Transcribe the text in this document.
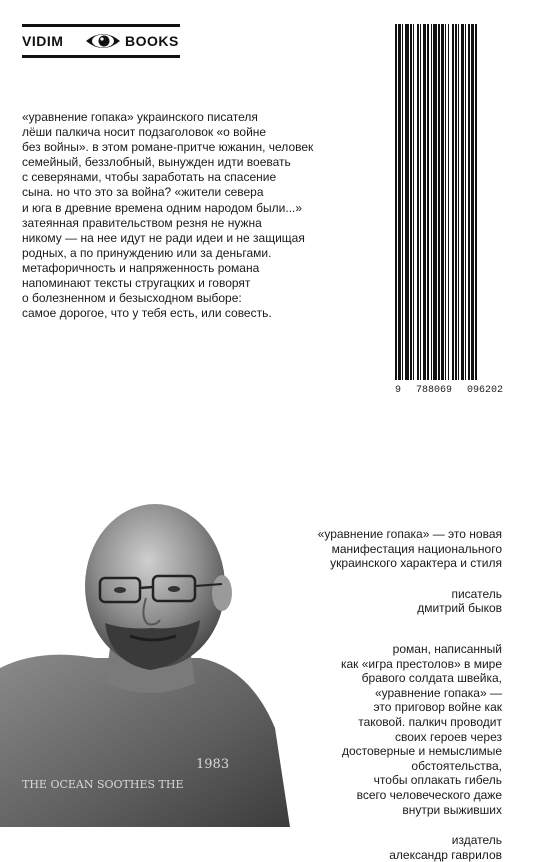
VIDIM	BOOKS

«уравнение гопака» украинского писателя

лёши палкича носит подзаголовок «о войне

без войны». в этом романе-притче южанин, человек

семейный, беззлобный, вынужден идти воевать

с северянами, чтобы заработать на спасение

сына. но что это за война? «жители севера

и юга в древние времена одним народом были...»

затеянная правительством резня не нужна

никому — на нее идут не ради идеи и не защищая

родных, а по принуждению или за деньгами.

метафоричность и напряженность романа

напоминают тексты стругацких и говорят

о болезненном и безысходном выборе:

самое дорогое, что у тебя есть, или совесть.

9 788069 096202
THE OCEAN SOOTHES THE
1983

«уравнение гопака» — это новая

манифестация национального

украинского характера и стиля

писатель

дмитрий быков

роман, написанный

как «игра престолов» в мире

бравого солдата швейка,

«уравнение гопака» —

это приговор войне как

таковой. палкич проводит

своих героев через

достоверные и немыслимые

обстоятельства,

чтобы оплакать гибель

всего человеческого даже

внутри выживших

издатель

александр гаврилов
